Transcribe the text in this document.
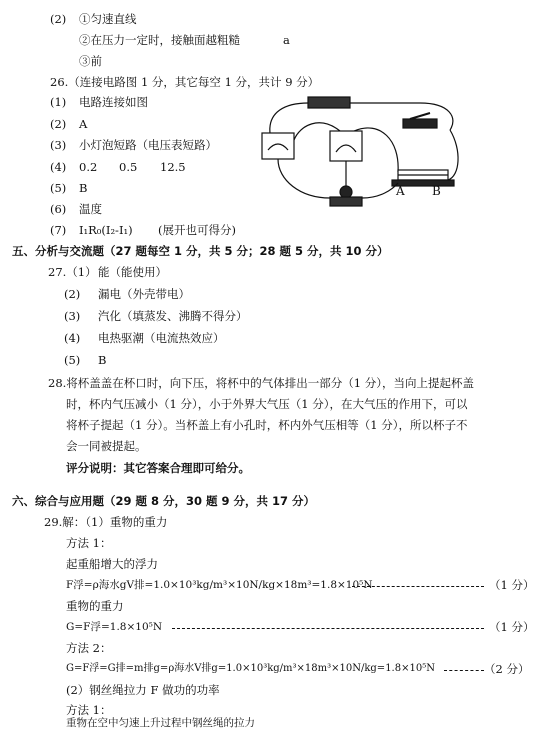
(2) ①匀速直线
②在压力一定时，接触面越粗糙	a
③前
26.（连接电路图 1 分，其它每空 1 分，共计 9 分）
(1) 电路连接如图
(2) A
(3) 小灯泡短路（电压表短路）
(4) 0.2 0.5 12.5
(5) B
(6) 温度
(7) I₁R₀(I₂-I₁) (展开也可得分)
A B
五、分析与交流题（27 题每空 1 分，共 5 分；28 题 5 分，共 10 分）
27.（1） 能（能使用）
(2) 漏电（外壳带电）
(3) 汽化（填蒸发、沸腾不得分）
(4) 电热驱潮（电流热效应）
(5) B
28.将杯盖盖在杯口时，向下压，将杯中的气体排出一部分（1 分），当向上提起杯盖
时，杯内气压减小（1 分），小于外界大气压（1 分），在大气压的作用下，可以
将杯子提起（1 分）。当杯盖上有小孔时，杯内外气压相等（1 分），所以杯子不
会一同被提起。
评分说明：其它答案合理即可给分。
六、综合与应用题（29 题 8 分，30 题 9 分，共 17 分）
29.解：（1）重物的重力
方法 1：
起重船增大的浮力
F浮=ρ海水gV排=1.0×10³kg/m³×10N/kg×18m³=1.8×10⁵N	（1 分）
重物的重力
G=F浮=1.8×10⁵N	（1 分）
方法 2：
G=F浮=G排=m排g=ρ海水V排g=1.0×10³kg/m³×18m³×10N/kg=1.8×10⁵N	（2 分）
(2）钢丝绳拉力 F 做功的功率
方法 1：
重物在空中匀速上升过程中钢丝绳的拉力
